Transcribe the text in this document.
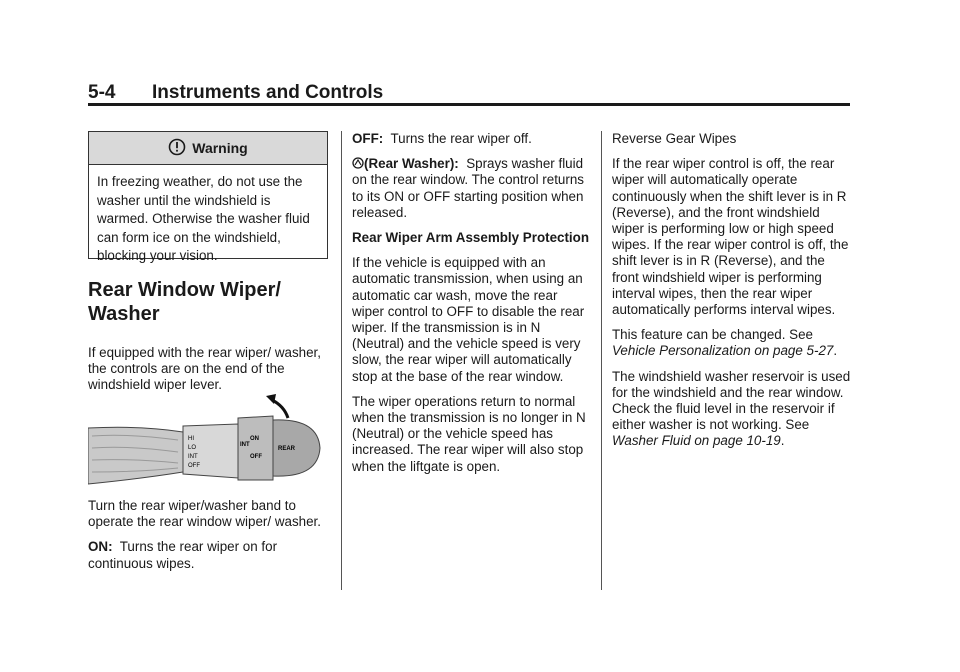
5-4 Instruments and Controls
Warning
In freezing weather, do not use the washer until the windshield is warmed. Otherwise the washer fluid can form ice on the windshield, blocking your vision.
Rear Window Wiper/
Washer

If equipped with the rear wiper/ washer, the controls are on the end of the windshield wiper lever.

HI
LO
INT
OFF
INT
ON
OFF
REAR

Turn the rear wiper/washer band to operate the rear window wiper/ washer.

ON: Turns the rear wiper on for continuous wipes.

OFF: Turns the rear wiper off.

(Rear Washer): Sprays washer fluid on the rear window. The control returns to its ON or OFF starting position when released.

Rear Wiper Arm Assembly Protection

If the vehicle is equipped with an automatic transmission, when using an automatic car wash, move the rear wiper control to OFF to disable the rear wiper. If the transmission is in N (Neutral) and the vehicle speed is very slow, the rear wiper will automatically stop at the base of the rear window.

The wiper operations return to normal when the transmission is no longer in N (Neutral) or the vehicle speed has increased. The rear wiper will also stop when the liftgate is open.

Reverse Gear Wipes

If the rear wiper control is off, the rear wiper will automatically operate continuously when the shift lever is in R (Reverse), and the front windshield wiper is performing low or high speed wipes. If the rear wiper control is off, the shift lever is in R (Reverse), and the front windshield wiper is performing interval wipes, then the rear wiper automatically performs interval wipes.

This feature can be changed. See Vehicle Personalization on page 5-27.

The windshield washer reservoir is used for the windshield and the rear window. Check the fluid level in the reservoir if either washer is not working. See Washer Fluid on page 10-19.
